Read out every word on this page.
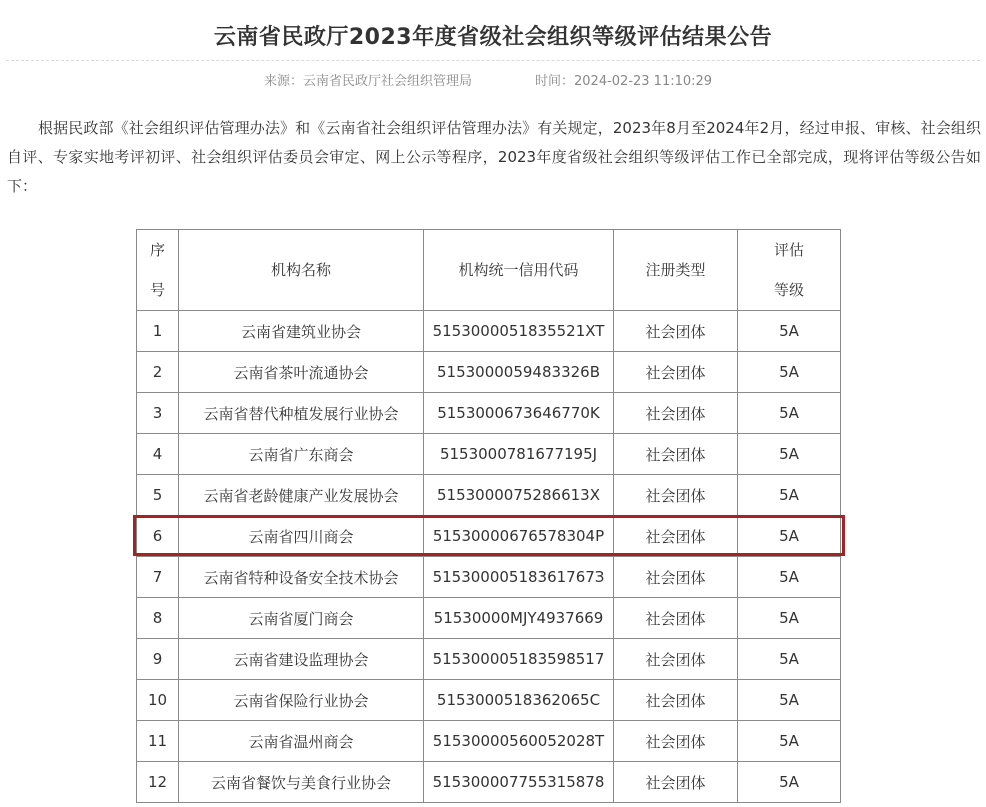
云南省民政厅2023年度省级社会组织等级评估结果公告
来源：云南省民政厅社会组织管理局	时间：2024-02-23 11:10:29
根据民政部《社会组织评估管理办法》和《云南省社会组织评估管理办法》有关规定，2023年8月至2024年2月，经过申报、审核、社会组织自评、专家实地考评初评、社会组织评估委员会审定、网上公示等程序，2023年度省级社会组织等级评估工作已全部完成，现将评估等级公告如下：
序
号	机构名称	机构统一信用代码	注册类型	评估
等级
1	云南省建筑业协会	5153000051835521XT	社会团体	5A
2	云南省茶叶流通协会	5153000059483326B	社会团体	5A
3	云南省替代种植发展行业协会	5153000673646770K	社会团体	5A
4	云南省广东商会	5153000781677195J	社会团体	5A
5	云南省老龄健康产业发展协会	5153000075286613X	社会团体	5A
6	云南省四川商会	51530000676578304P	社会团体	5A
7	云南省特种设备安全技术协会	51530000518361767З	社会团体	5A
8	云南省厦门商会	51530000MJY4937669	社会团体	5A
9	云南省建设监理协会	515300005183598517	社会团体	5A
10	云南省保险行业协会	5153000518362065C	社会团体	5A
11	云南省温州商会	51530000560052028T	社会团体	5A
12	云南省餐饮与美食行业协会	515300007755315878	社会团体	5A
